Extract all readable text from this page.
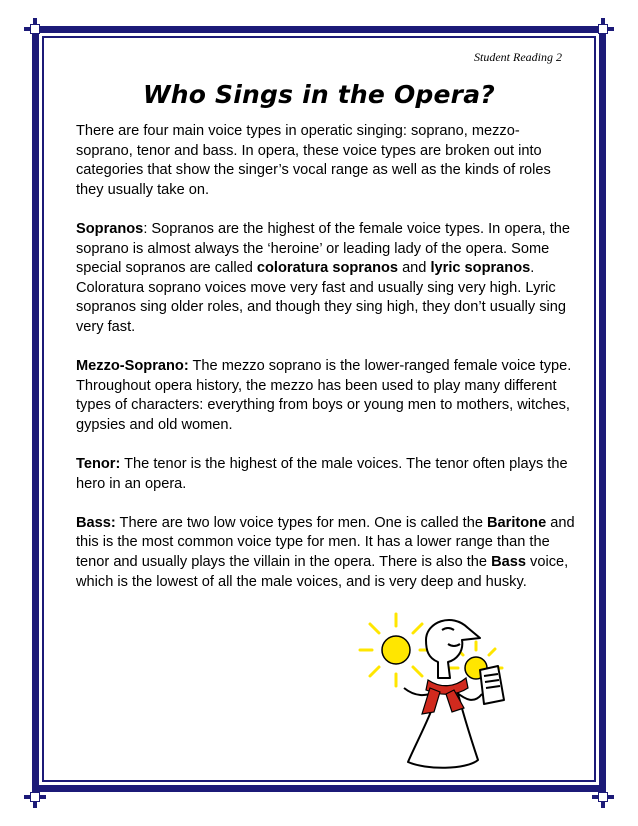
Student Reading 2
Who Sings in the Opera?

There are four main voice types in operatic singing: soprano, mezzo-soprano, tenor and bass. In opera, these voice types are broken out into categories that show the singer’s vocal range as well as the kinds of roles they usually take on.

Sopranos: Sopranos are the highest of the female voice types. In opera, the soprano is almost always the ‘heroine’ or leading lady of the opera. Some special sopranos are called coloratura sopranos and lyric sopranos. Coloratura soprano voices move very fast and usually sing very high. Lyric sopranos sing older roles, and though they sing high, they don’t usually sing very fast.

Mezzo-Soprano: The mezzo soprano is the lower-ranged female voice type. Throughout opera history, the mezzo has been used to play many different types of characters: everything from boys or young men to mothers, witches, gypsies and old women.

Tenor: The tenor is the highest of the male voices. The tenor often plays the hero in an opera.

Bass: There are two low voice types for men. One is called the Baritone and this is the most common voice type for men. It has a lower range than the tenor and usually plays the villain in the opera. There is also the Bass voice, which is the lowest of all the male voices, and is very deep and husky.
